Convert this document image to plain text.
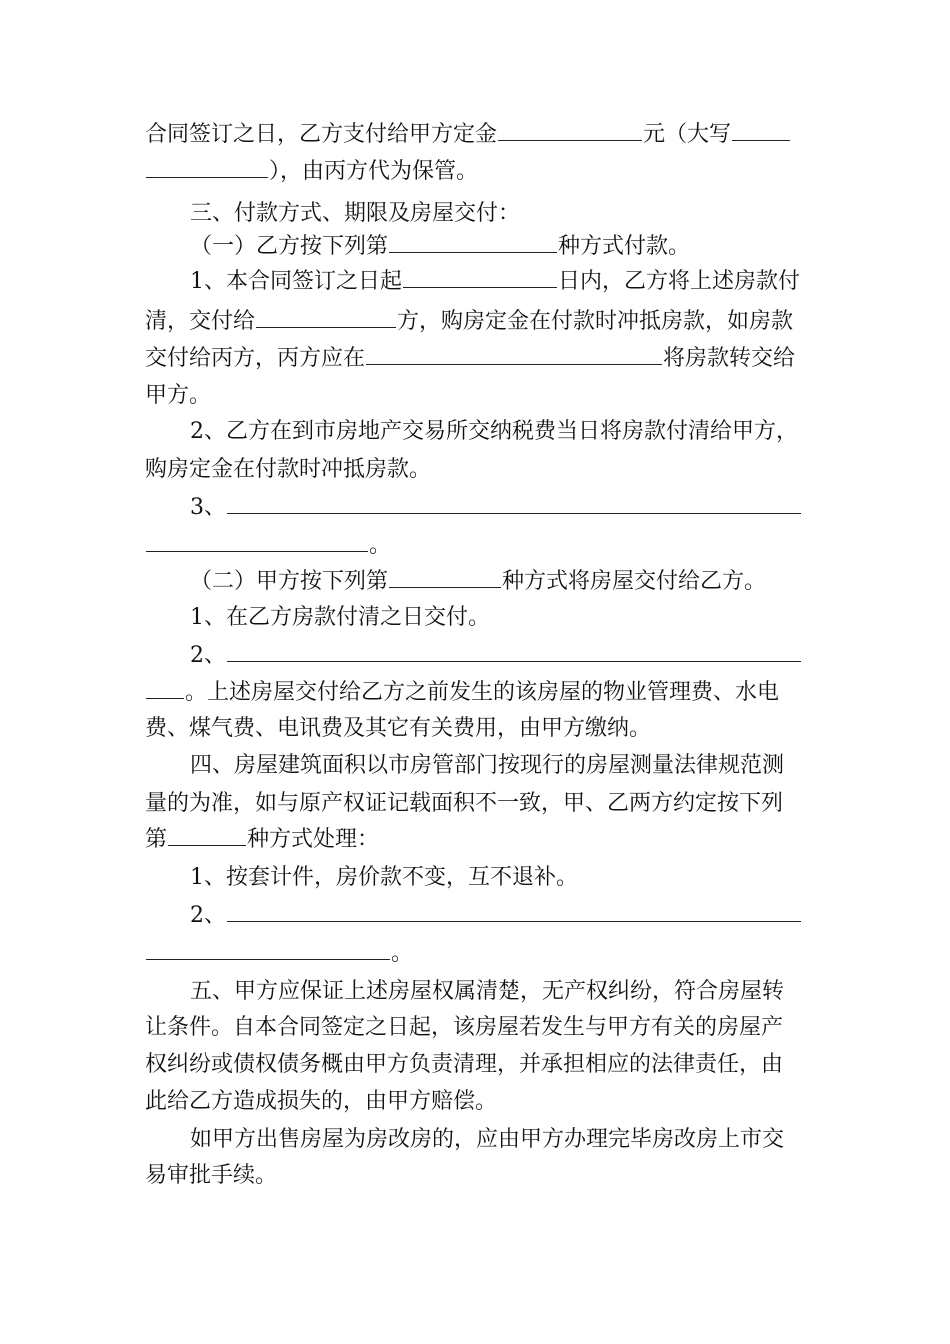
合同签订之日，乙方支付给甲方定金	元（大写
），由丙方代为保管。
三、付款方式、期限及房屋交付：
（一）乙方按下列第	种方式付款。
1、本合同签订之日起	日内，乙方将上述房款付
清，交付给	方，购房定金在付款时冲抵房款，如房款
交付给丙方，丙方应在	将房款转交给
甲方。
2、乙方在到市房地产交易所交纳税费当日将房款付清给甲方，
购房定金在付款时冲抵房款。
3、
。
（二）甲方按下列第	种方式将房屋交付给乙方。
1、在乙方房款付清之日交付。
2、
。上述房屋交付给乙方之前发生的该房屋的物业管理费、水电
费、煤气费、电讯费及其它有关费用，由甲方缴纳。
四、房屋建筑面积以市房管部门按现行的房屋测量法律规范测
量的为准，如与原产权证记载面积不一致，甲、乙两方约定按下列
第	种方式处理：
1、按套计件，房价款不变，互不退补。
2、
。
五、甲方应保证上述房屋权属清楚，无产权纠纷，符合房屋转
让条件。自本合同签定之日起，该房屋若发生与甲方有关的房屋产
权纠纷或债权债务概由甲方负责清理，并承担相应的法律责任，由
此给乙方造成损失的，由甲方赔偿。
如甲方出售房屋为房改房的，应由甲方办理完毕房改房上市交
易审批手续。
